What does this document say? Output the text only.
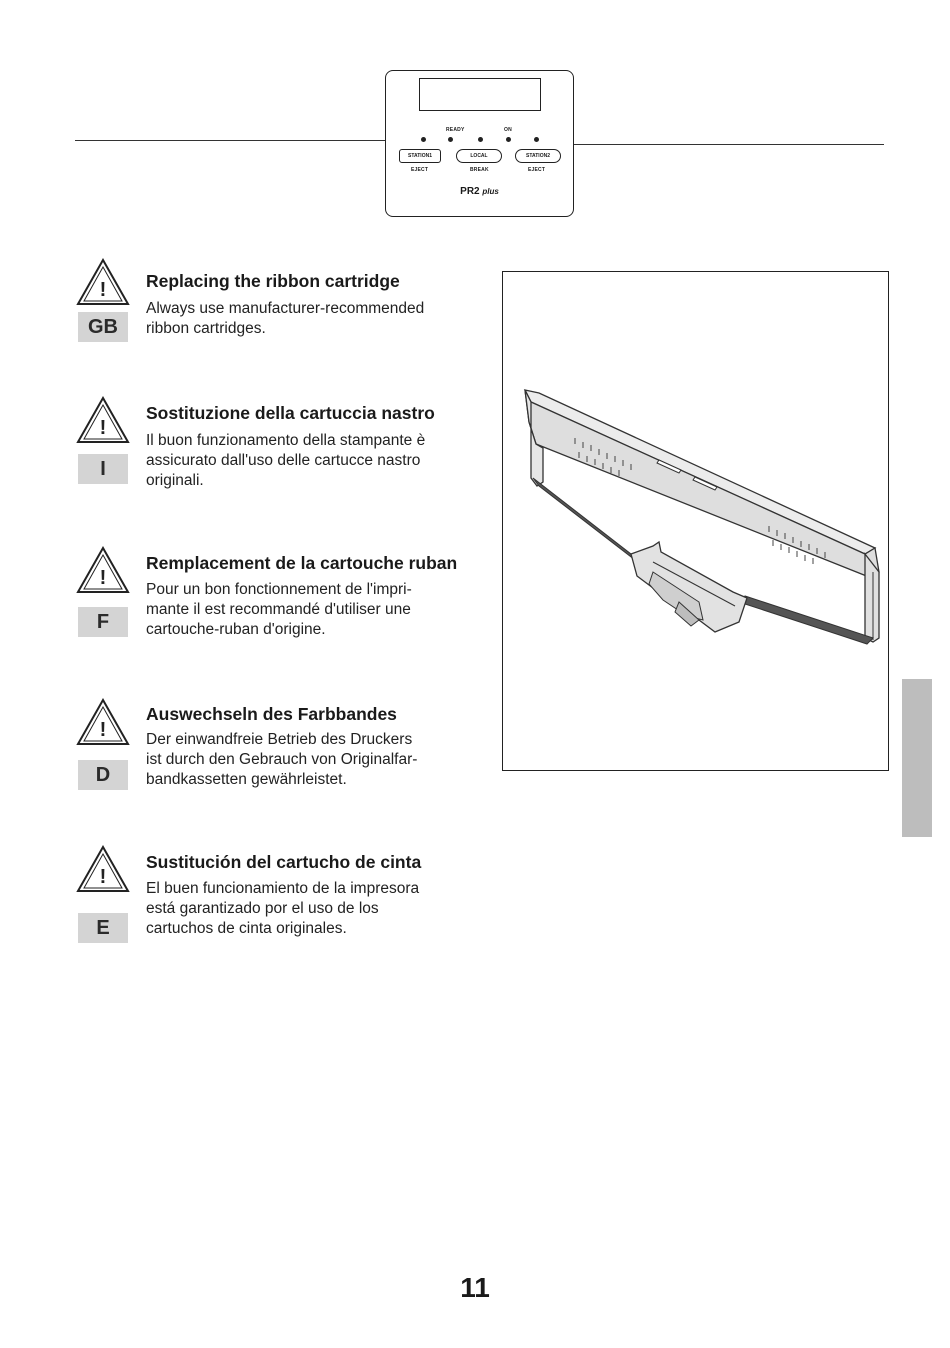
READY	ON
STATION1	LOCAL	STATION2
EJECT	BREAK	EJECT
PR2 plus
!
GB
Replacing the ribbon cartridge
Always use manufacturer-recommended
ribbon cartridges.
!
I
Sostituzione della cartuccia nastro
Il buon funzionamento della stampante è
assicurato dall'uso delle cartucce nastro
originali.
!
F
Remplacement de la cartouche ruban
Pour un bon fonctionnement de l'impri-
mante il est recommandé d'utiliser une
cartouche-ruban d'origine.
!
D
Auswechseln des Farbbandes
Der einwandfreie Betrieb des Druckers
ist durch den Gebrauch von Originalfar-
bandkassetten gewährleistet.
!
E
Sustitución del cartucho de cinta
El buen funcionamiento de la impresora
está garantizado por el uso de los
cartuchos de cinta originales.
11
